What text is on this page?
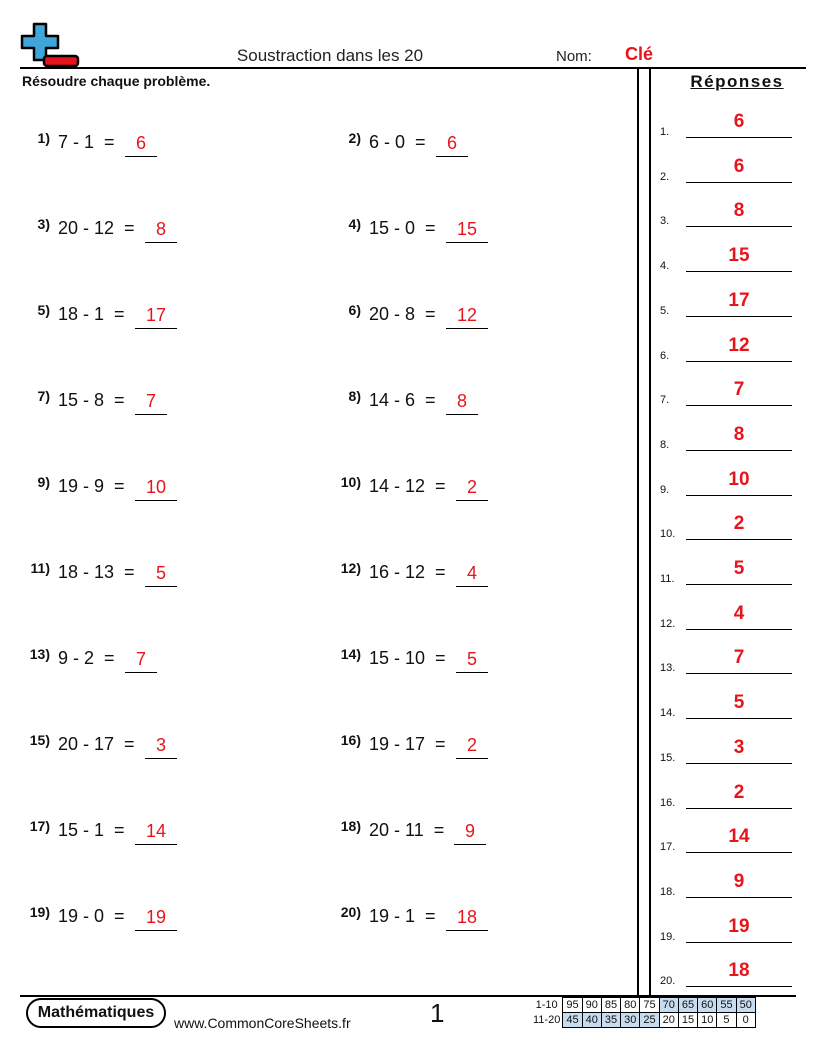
Soustraction dans les 20	Nom: Clé
Résoudre chaque problème.
1) 7 - 1  =	6	2) 6 - 0  =	6
3) 20 - 12  =	8	4) 15 - 0  =	15
5) 18 - 1  =	17	6) 20 - 8  =	12
7) 15 - 8  =	7	8) 14 - 6  =	8
9) 19 - 9  =	10	10) 14 - 12  =	2
11) 18 - 13  =	5	12) 16 - 12  =	4
13) 9 - 2  =	7	14) 15 - 10  =	5
15) 20 - 17  =	3	16) 19 - 17  =	2
17) 15 - 1  =	14	18) 20 - 11  =	9
19) 19 - 0  =	19	20) 19 - 1  =	18
Réponses
1.	6
2.	6
3.	8
4.	15
5.	17
6.	12
7.	7
8.	8
9.	10
10.	2
11.	5
12.	4
13.	7
14.	5
15.	3
16.	2
17.	14
18.	9
19.	19
20.	18
Mathématiques
www.CommonCoreSheets.fr	1	1-10	95	90	85	80	75	70	65	60	55	50
11-20	45	40	35	30	25	20	15	10	5	0
